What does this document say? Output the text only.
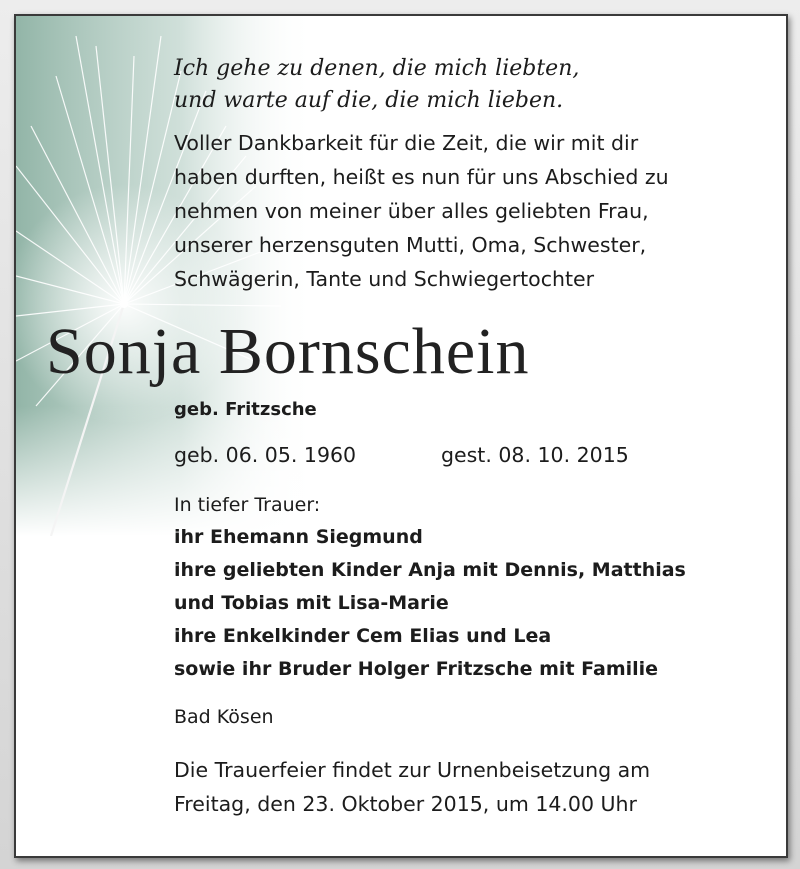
Ich gehe zu denen, die mich liebten,
und warte auf die, die mich lieben.
Voller Dankbarkeit für die Zeit, die wir mit dir
haben durften, heißt es nun für uns Abschied zu
nehmen von meiner über alles geliebten Frau,
unserer herzensguten Mutti, Oma, Schwester,
Schwägerin, Tante und Schwiegertochter
Sonja Bornschein
geb. Fritzsche
geb. 06. 05. 1960	gest. 08. 10. 2015
In tiefer Trauer:
ihr Ehemann Siegmund
ihre geliebten Kinder Anja mit Dennis, Matthias
und Tobias mit Lisa-Marie
ihre Enkelkinder Cem Elias und Lea
sowie ihr Bruder Holger Fritzsche mit Familie
Bad Kösen
Die Trauerfeier findet zur Urnenbeisetzung am
Freitag, den 23. Oktober 2015, um 14.00 Uhr
